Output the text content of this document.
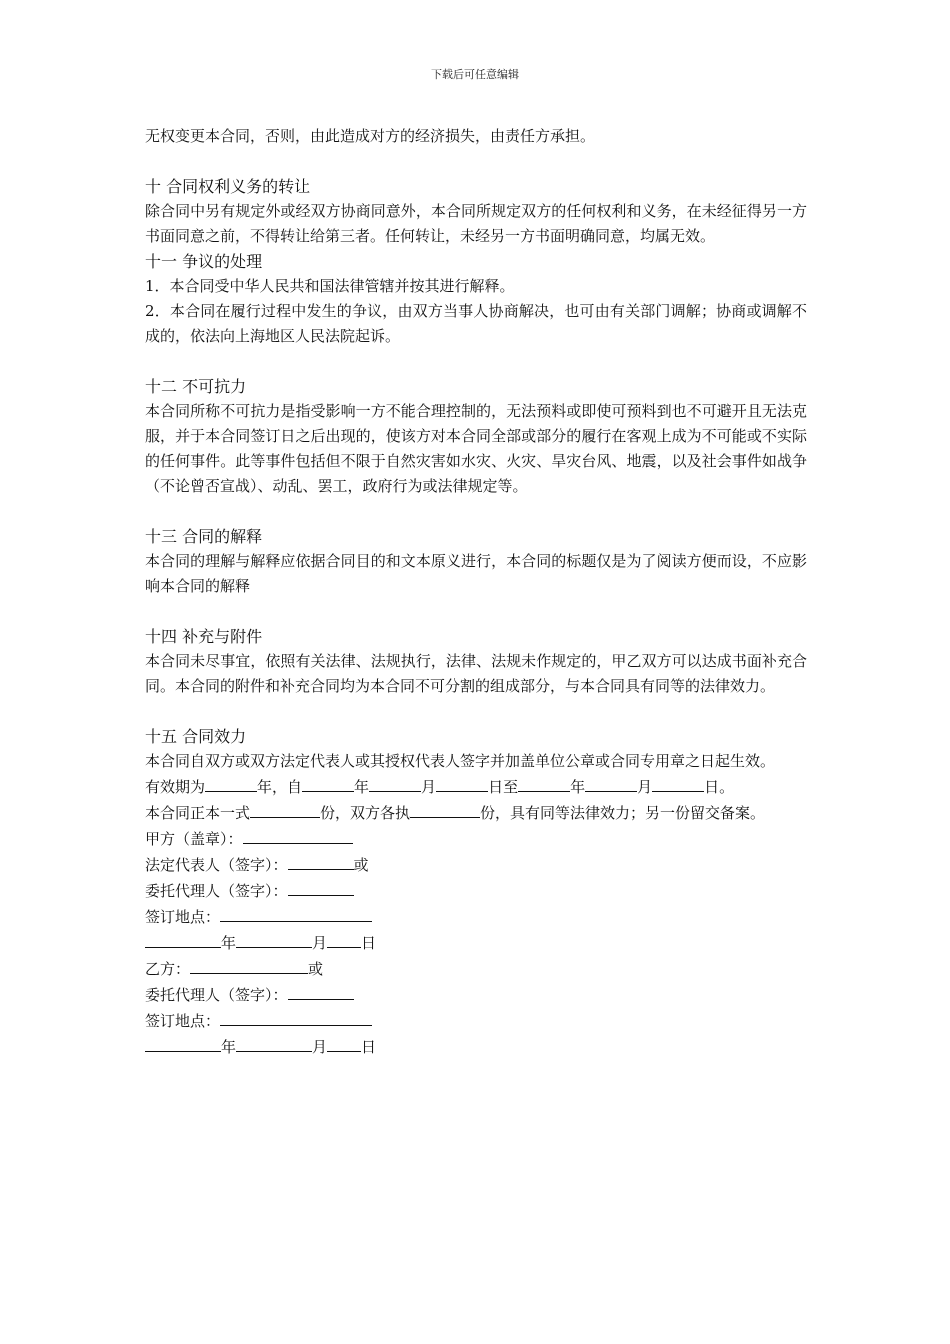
下载后可任意编辑

无权变更本合同，否则，由此造成对方的经济损失，由责任方承担。

十 合同权利义务的转让

除合同中另有规定外或经双方协商同意外，本合同所规定双方的任何权利和义务，在未经征得另一方书面同意之前，不得转让给第三者。任何转让，未经另一方书面明确同意，均属无效。

十一 争议的处理

1．本合同受中华人民共和国法律管辖并按其进行解释。

2．本合同在履行过程中发生的争议，由双方当事人协商解决，也可由有关部门调解；协商或调解不成的，依法向上海地区人民法院起诉。

十二 不可抗力

本合同所称不可抗力是指受影响一方不能合理控制的，无法预料或即使可预料到也不可避开且无法克服，并于本合同签订日之后出现的，使该方对本合同全部或部分的履行在客观上成为不可能或不实际的任何事件。此等事件包括但不限于自然灾害如水灾、火灾、旱灾台风、地震，以及社会事件如战争（不论曾否宣战）、动乱、罢工，政府行为或法律规定等。

十三 合同的解释

本合同的理解与解释应依据合同目的和文本原义进行，本合同的标题仅是为了阅读方便而设，不应影响本合同的解释

十四 补充与附件

本合同未尽事宜，依照有关法律、法规执行，法律、法规未作规定的，甲乙双方可以达成书面补充合同。本合同的附件和补充合同均为本合同不可分割的组成部分，与本合同具有同等的法律效力。

十五 合同效力

本合同自双方或双方法定代表人或其授权代表人签字并加盖单位公章或合同专用章之日起生效。

有效期为	年，自	年	月	日至	年	月	日。

本合同正本一式	份，双方各执	份，具有同等法律效力；另一份留交备案。

甲方（盖章）：

法定代表人（签字）：	或

委托代理人（签字）：

签订地点：

年	月 日

乙方：	或

委托代理人（签字）：

签订地点：

年	月 日
